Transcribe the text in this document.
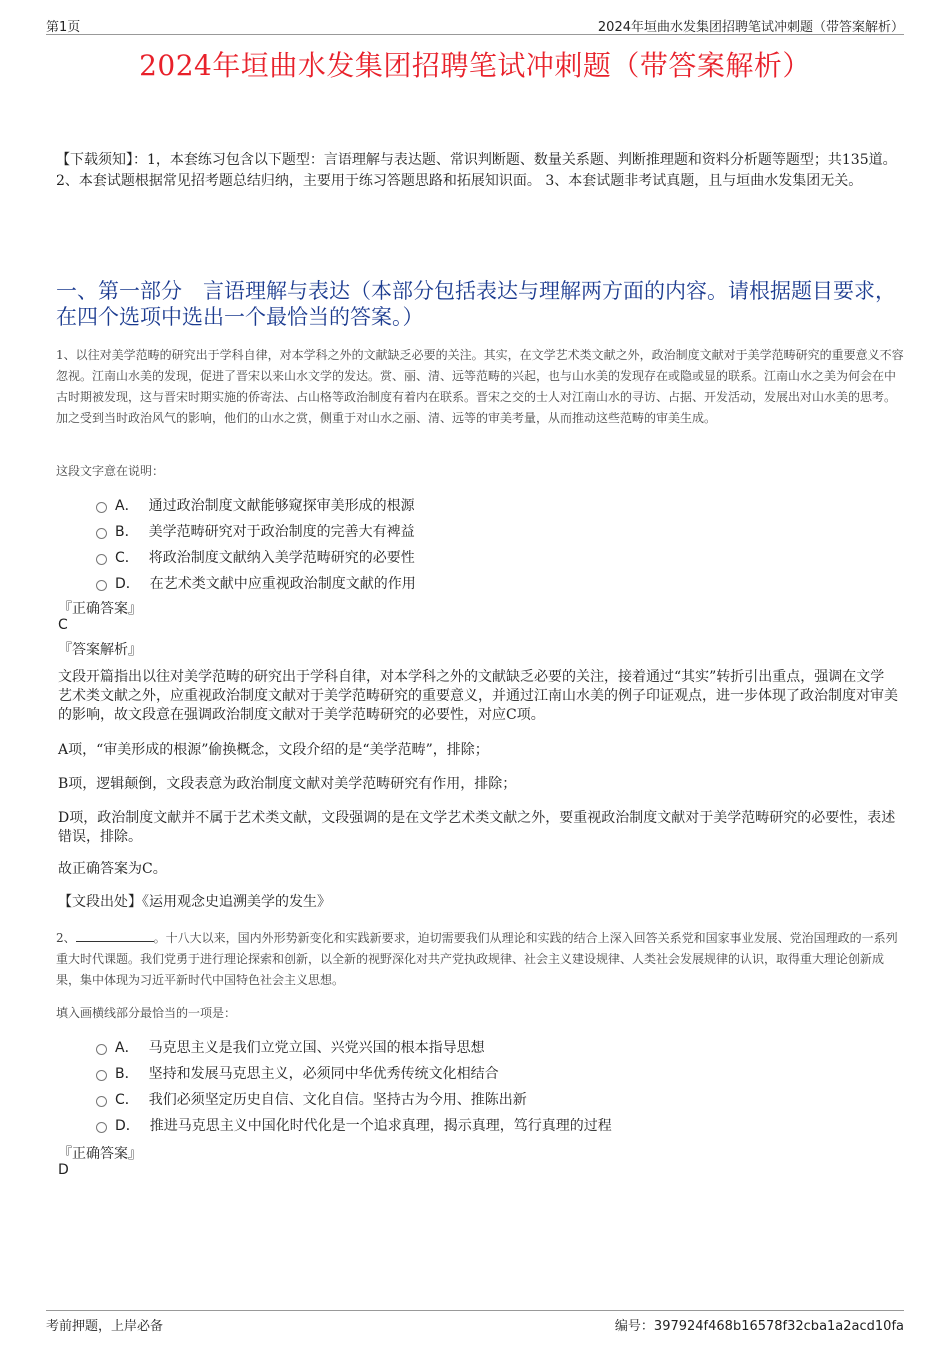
第1页	2024年垣曲水发集团招聘笔试冲刺题（带答案解析）
2024年垣曲水发集团招聘笔试冲刺题（带答案解析）
【下载须知】：1，本套练习包含以下题型：言语理解与表达题、常识判断题、数量关系题、判断推理题和资料分析题等题型；共135道。 2、本套试题根据常见招考题总结归纳，主要用于练习答题思路和拓展知识面。 3、本套试题非考试真题，且与垣曲水发集团无关。
一、第一部分　言语理解与表达（本部分包括表达与理解两方面的内容。请根据题目要求，在四个选项中选出一个最恰当的答案。）
1、以往对美学范畴的研究出于学科自律，对本学科之外的文献缺乏必要的关注。其实，在文学艺术类文献之外，政治制度文献对于美学范畴研究的重要意义不容忽视。江南山水美的发现，促进了晋宋以来山水文学的发达。赏、丽、清、远等范畴的兴起，也与山水美的发现存在或隐或显的联系。江南山水之美为何会在中古时期被发现，这与晋宋时期实施的侨寄法、占山格等政治制度有着内在联系。晋宋之交的士人对江南山水的寻访、占据、开发活动，发展出对山水美的思考。加之受到当时政治风气的影响，他们的山水之赏，侧重于对山水之丽、清、远等的审美考量，从而推动这些范畴的审美生成。
这段文字意在说明：
A． 通过政治制度文献能够窥探审美形成的根源
B． 美学范畴研究对于政治制度的完善大有裨益
C． 将政治制度文献纳入美学范畴研究的必要性
D． 在艺术类文献中应重视政治制度文献的作用
『正确答案』
C
『答案解析』
文段开篇指出以往对美学范畴的研究出于学科自律，对本学科之外的文献缺乏必要的关注，接着通过“其实”转折引出重点，强调在文学艺术类文献之外，应重视政治制度文献对于美学范畴研究的重要意义，并通过江南山水美的例子印证观点，进一步体现了政治制度对审美的影响，故文段意在强调政治制度文献对于美学范畴研究的必要性，对应C项。
A项，“审美形成的根源”偷换概念，文段介绍的是“美学范畴”，排除；
B项，逻辑颠倒，文段表意为政治制度文献对美学范畴研究有作用，排除；
D项，政治制度文献并不属于艺术类文献，文段强调的是在文学艺术类文献之外，要重视政治制度文献对于美学范畴研究的必要性，表述错误，排除。
故正确答案为C。
【文段出处】《运用观念史追溯美学的发生》
2、	。十八大以来，国内外形势新变化和实践新要求，迫切需要我们从理论和实践的结合上深入回答关系党和国家事业发展、党治国理政的一系列重大时代课题。我们党勇于进行理论探索和创新，以全新的视野深化对共产党执政规律、社会主义建设规律、人类社会发展规律的认识，取得重大理论创新成果，集中体现为习近平新时代中国特色社会主义思想。
填入画横线部分最恰当的一项是：
A． 马克思主义是我们立党立国、兴党兴国的根本指导思想
B． 坚持和发展马克思主义，必须同中华优秀传统文化相结合
C． 我们必须坚定历史自信、文化自信。坚持古为今用、推陈出新
D． 推进马克思主义中国化时代化是一个追求真理，揭示真理，笃行真理的过程
『正确答案』
D
考前押题，上岸必备	编号：397924f468b16578f32cba1a2acd10fa
